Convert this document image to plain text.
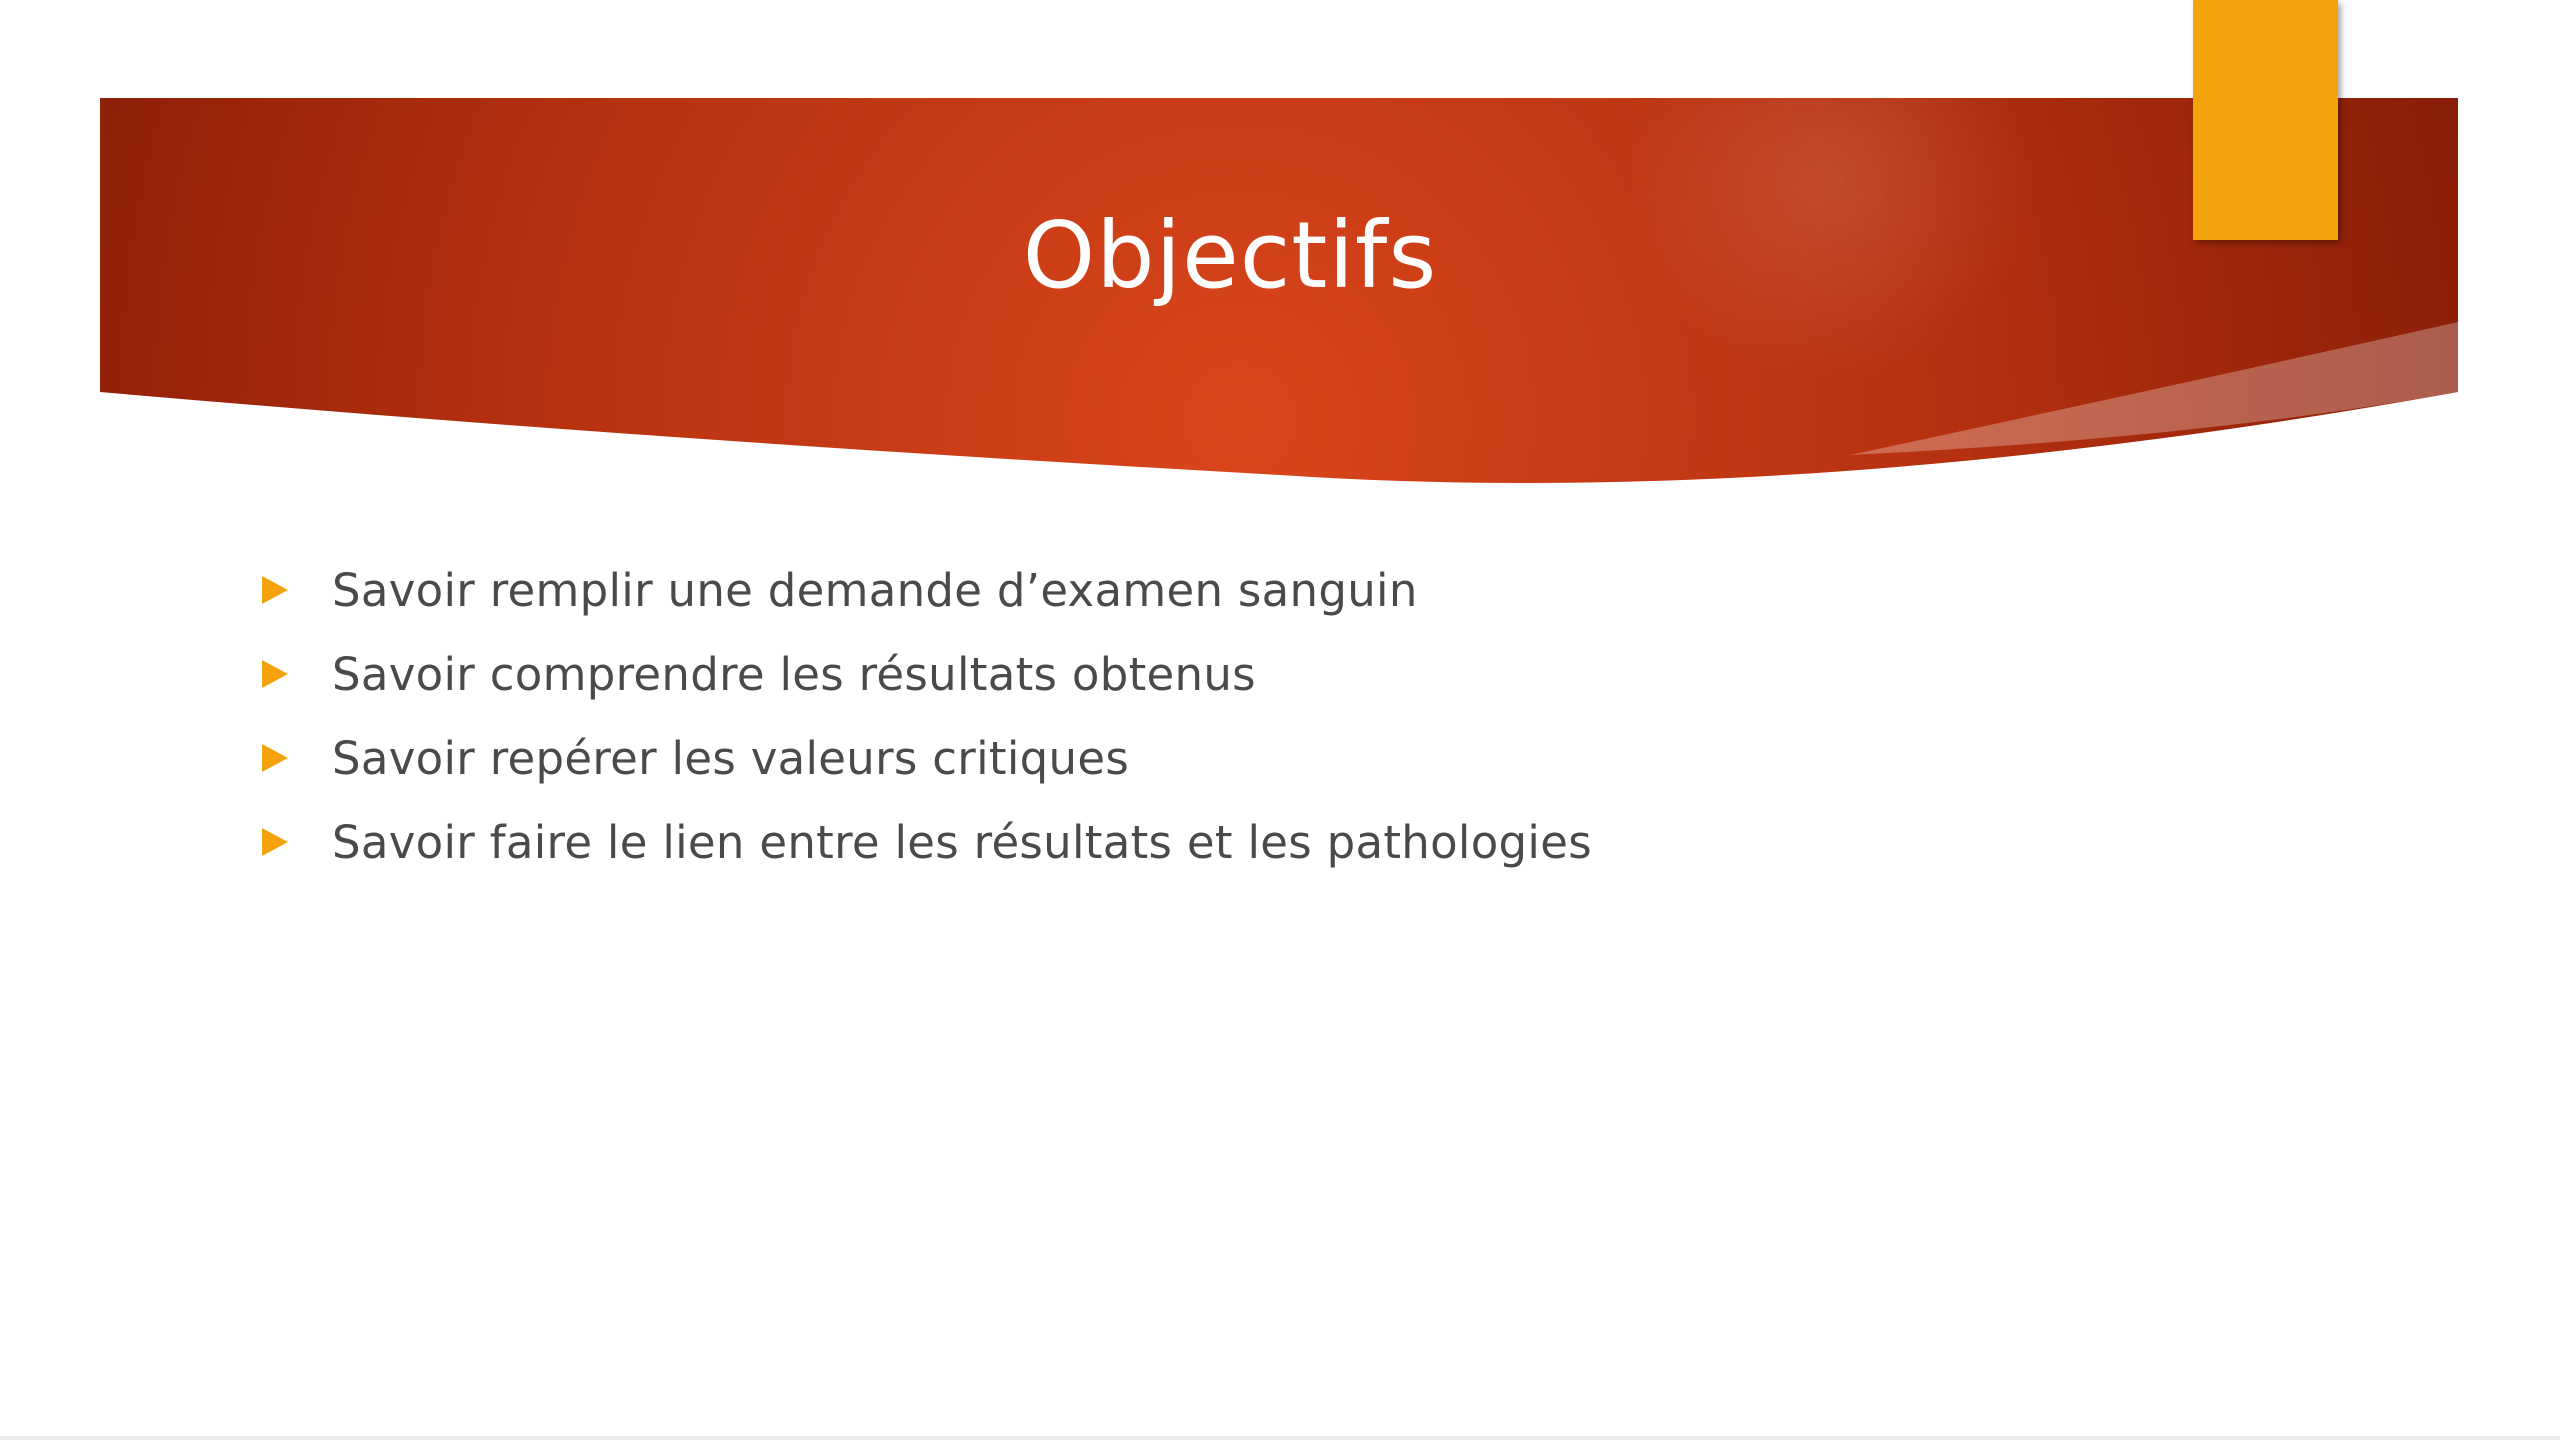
Objectifs
Savoir remplir une demande d’examen sanguin
Savoir comprendre les résultats obtenus
Savoir repérer les valeurs critiques
Savoir faire le lien entre les résultats et les pathologies
